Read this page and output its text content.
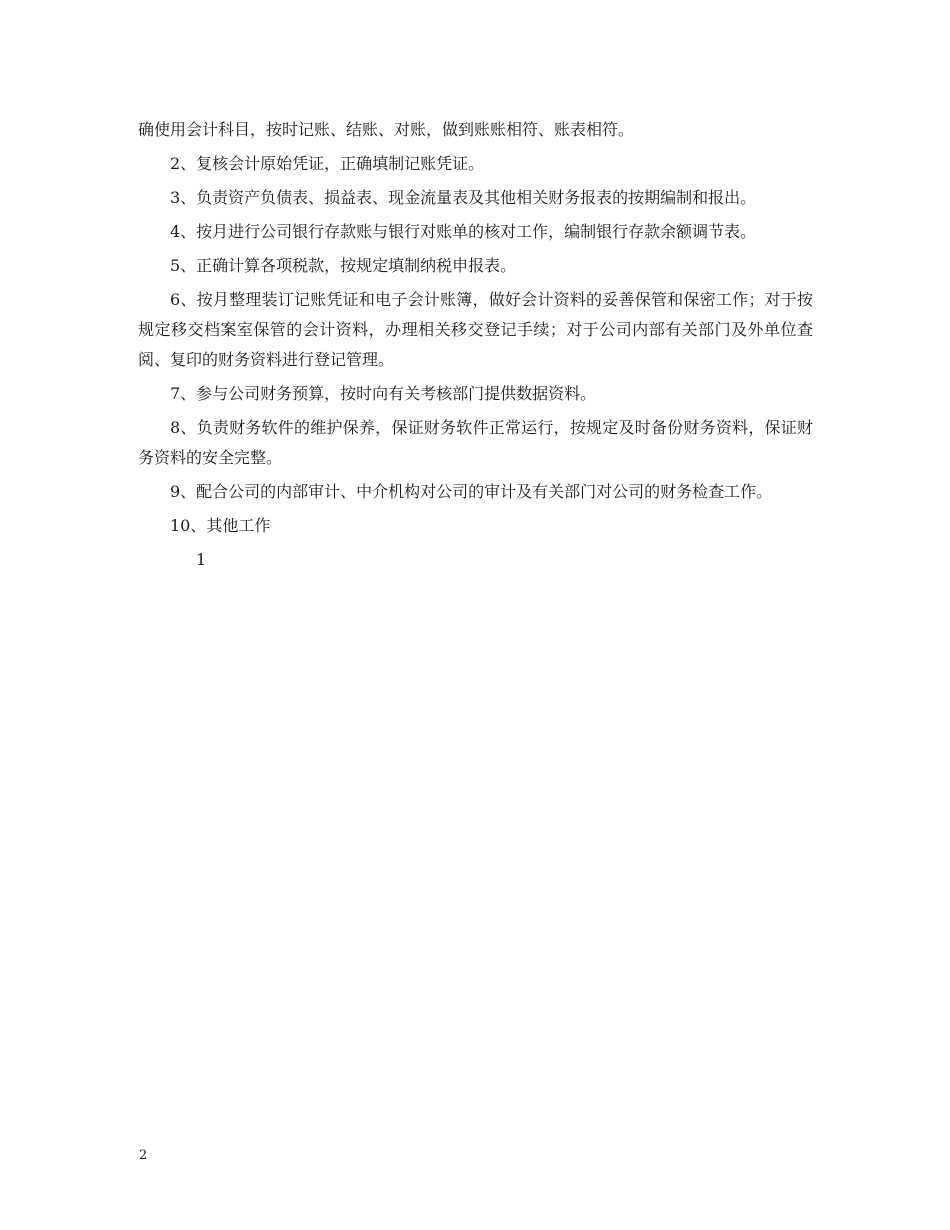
确使用会计科目，按时记账、结账、对账，做到账账相符、账表相符。

2、复核会计原始凭证，正确填制记账凭证。

3、负责资产负债表、损益表、现金流量表及其他相关财务报表的按期编制和报出。

4、按月进行公司银行存款账与银行对账单的核对工作，编制银行存款余额调节表。

5、正确计算各项税款，按规定填制纳税申报表。

6、按月整理装订记账凭证和电子会计账簿，做好会计资料的妥善保管和保密工作；对于按规定移交档案室保管的会计资料，办理相关移交登记手续；对于公司内部有关部门及外单位查阅、复印的财务资料进行登记管理。

7、参与公司财务预算，按时向有关考核部门提供数据资料。

8、负责财务软件的维护保养，保证财务软件正常运行，按规定及时备份财务资料，保证财务资料的安全完整。

9、配合公司的内部审计、中介机构对公司的审计及有关部门对公司的财务检查工作。

10、其他工作

1
2
